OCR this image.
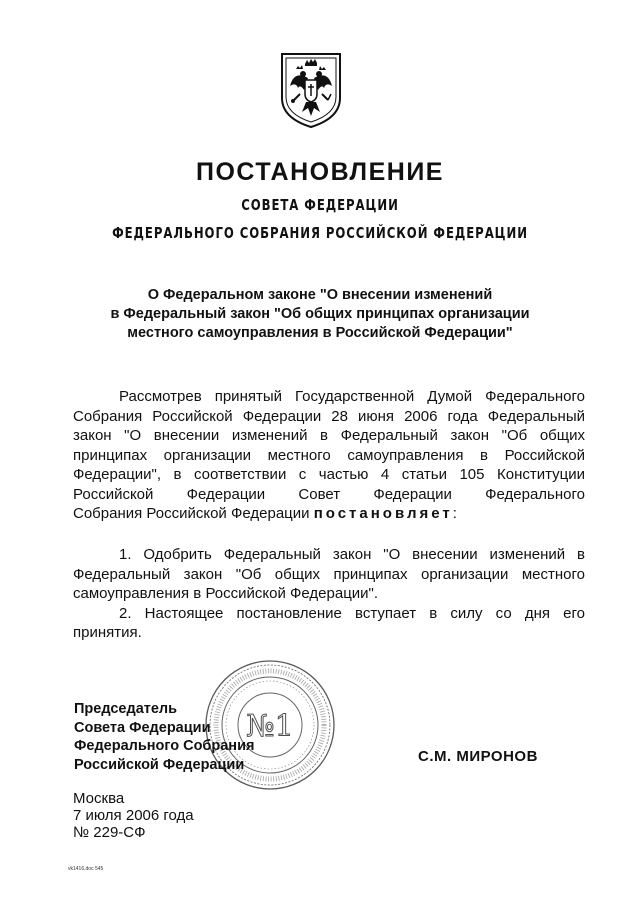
ПОСТАНОВЛЕНИЕ
СОВЕТА ФЕДЕРАЦИИ
ФЕДЕРАЛЬНОГО СОБРАНИЯ РОССИЙСКОЙ ФЕДЕРАЦИИ
О Федеральном законе "О внесении изменений
в Федеральный закон "Об общих принципах организации
местного самоуправления в Российской Федерации"
Рассмотрев принятый Государственной Думой Федерального
Собрания Российской Федерации 28 июня 2006 года Федеральный
закон "О внесении изменений в Федеральный закон "Об общих
принципах организации местного самоуправления в Российской
Федерации", в соответствии с частью 4 статьи 105 Конституции
Российской Федерации Совет Федерации Федерального
Собрания Российской Федерации постановляет:
1. Одобрить Федеральный закон "О внесении изменений в
Федеральный закон "Об общих принципах организации местного
самоуправления в Российской Федерации".
2. Настоящее постановление вступает в силу со дня его
принятия.
№1
Председатель
Совета Федерации
Федерального Собрания
Российской Федерации	С.М. МИРОНОВ
Москва
7 июля 2006 года
№ 229-СФ
vk1416.doc 545
